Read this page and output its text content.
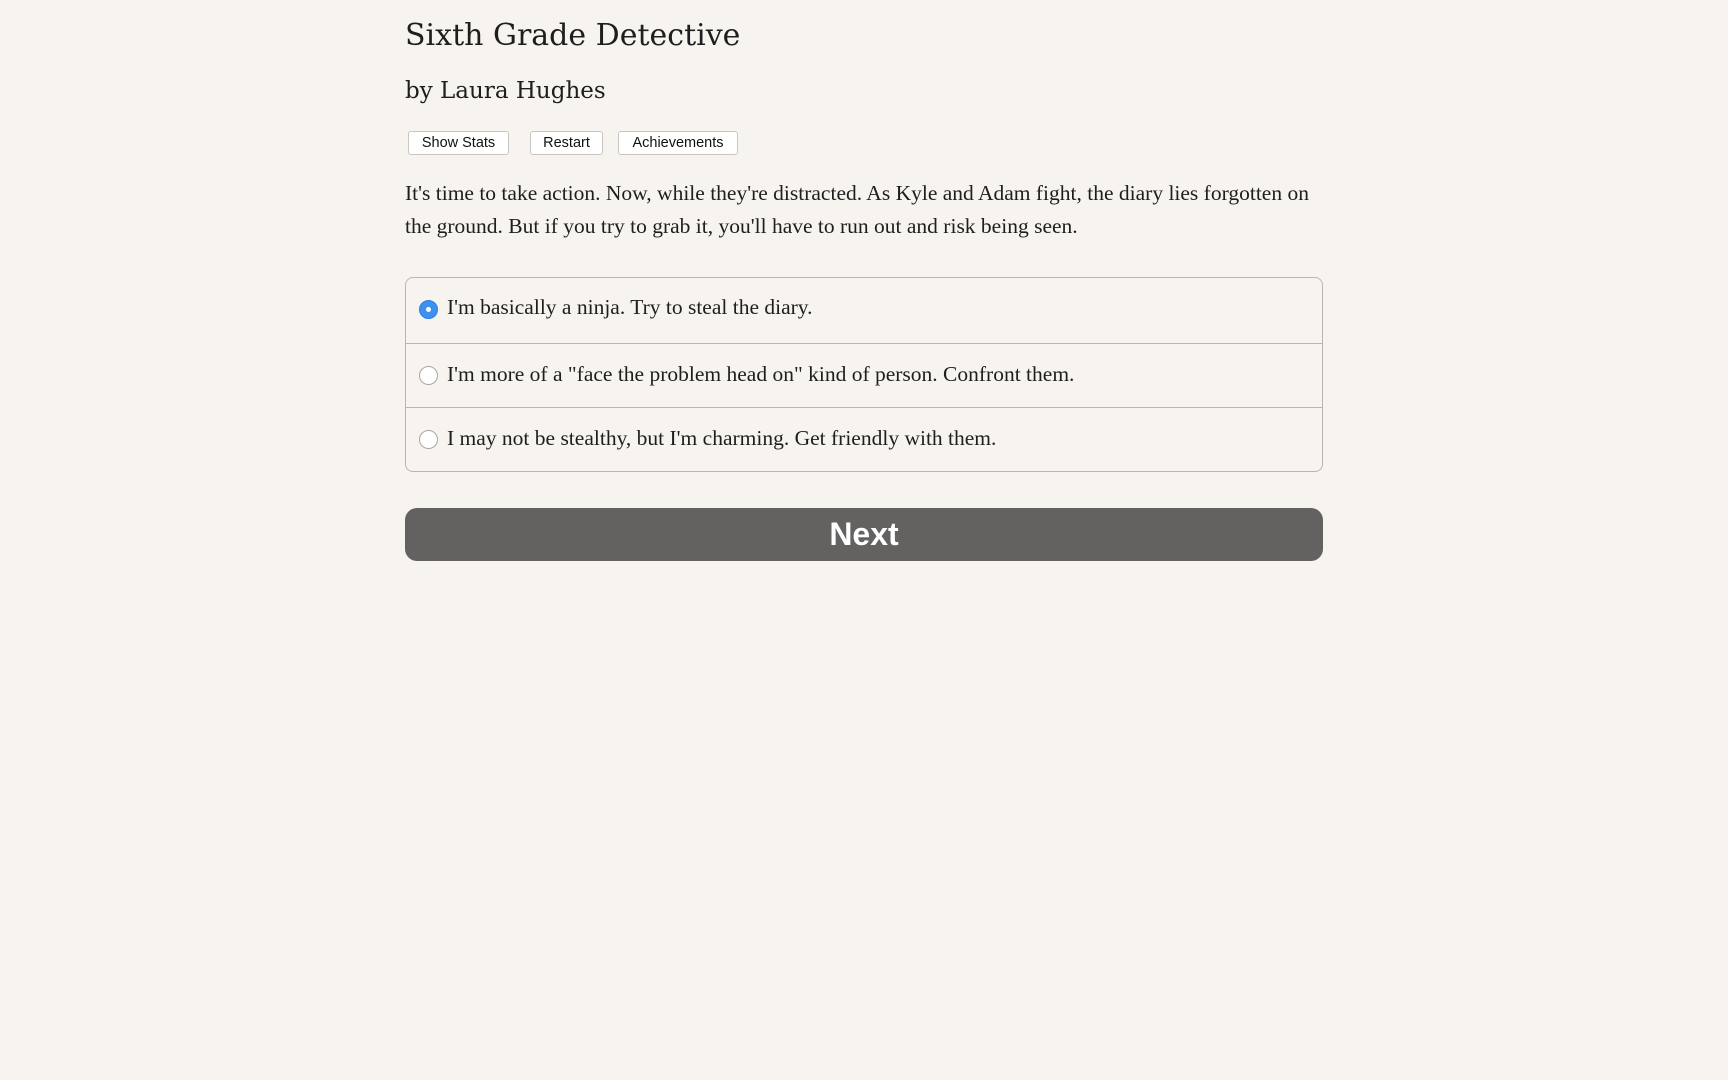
Sixth Grade Detective
by Laura Hughes
Show Stats	Restart	Achievements

It's time to take action. Now, while they're distracted. As Kyle and Adam fight, the diary lies forgotten on the ground. But if you try to grab it, you'll have to run out and risk being seen.

I'm basically a ninja. Try to steal the diary.
I'm more of a "face the problem head on" kind of person. Confront them.
I may not be stealthy, but I'm charming. Get friendly with them.
Next
